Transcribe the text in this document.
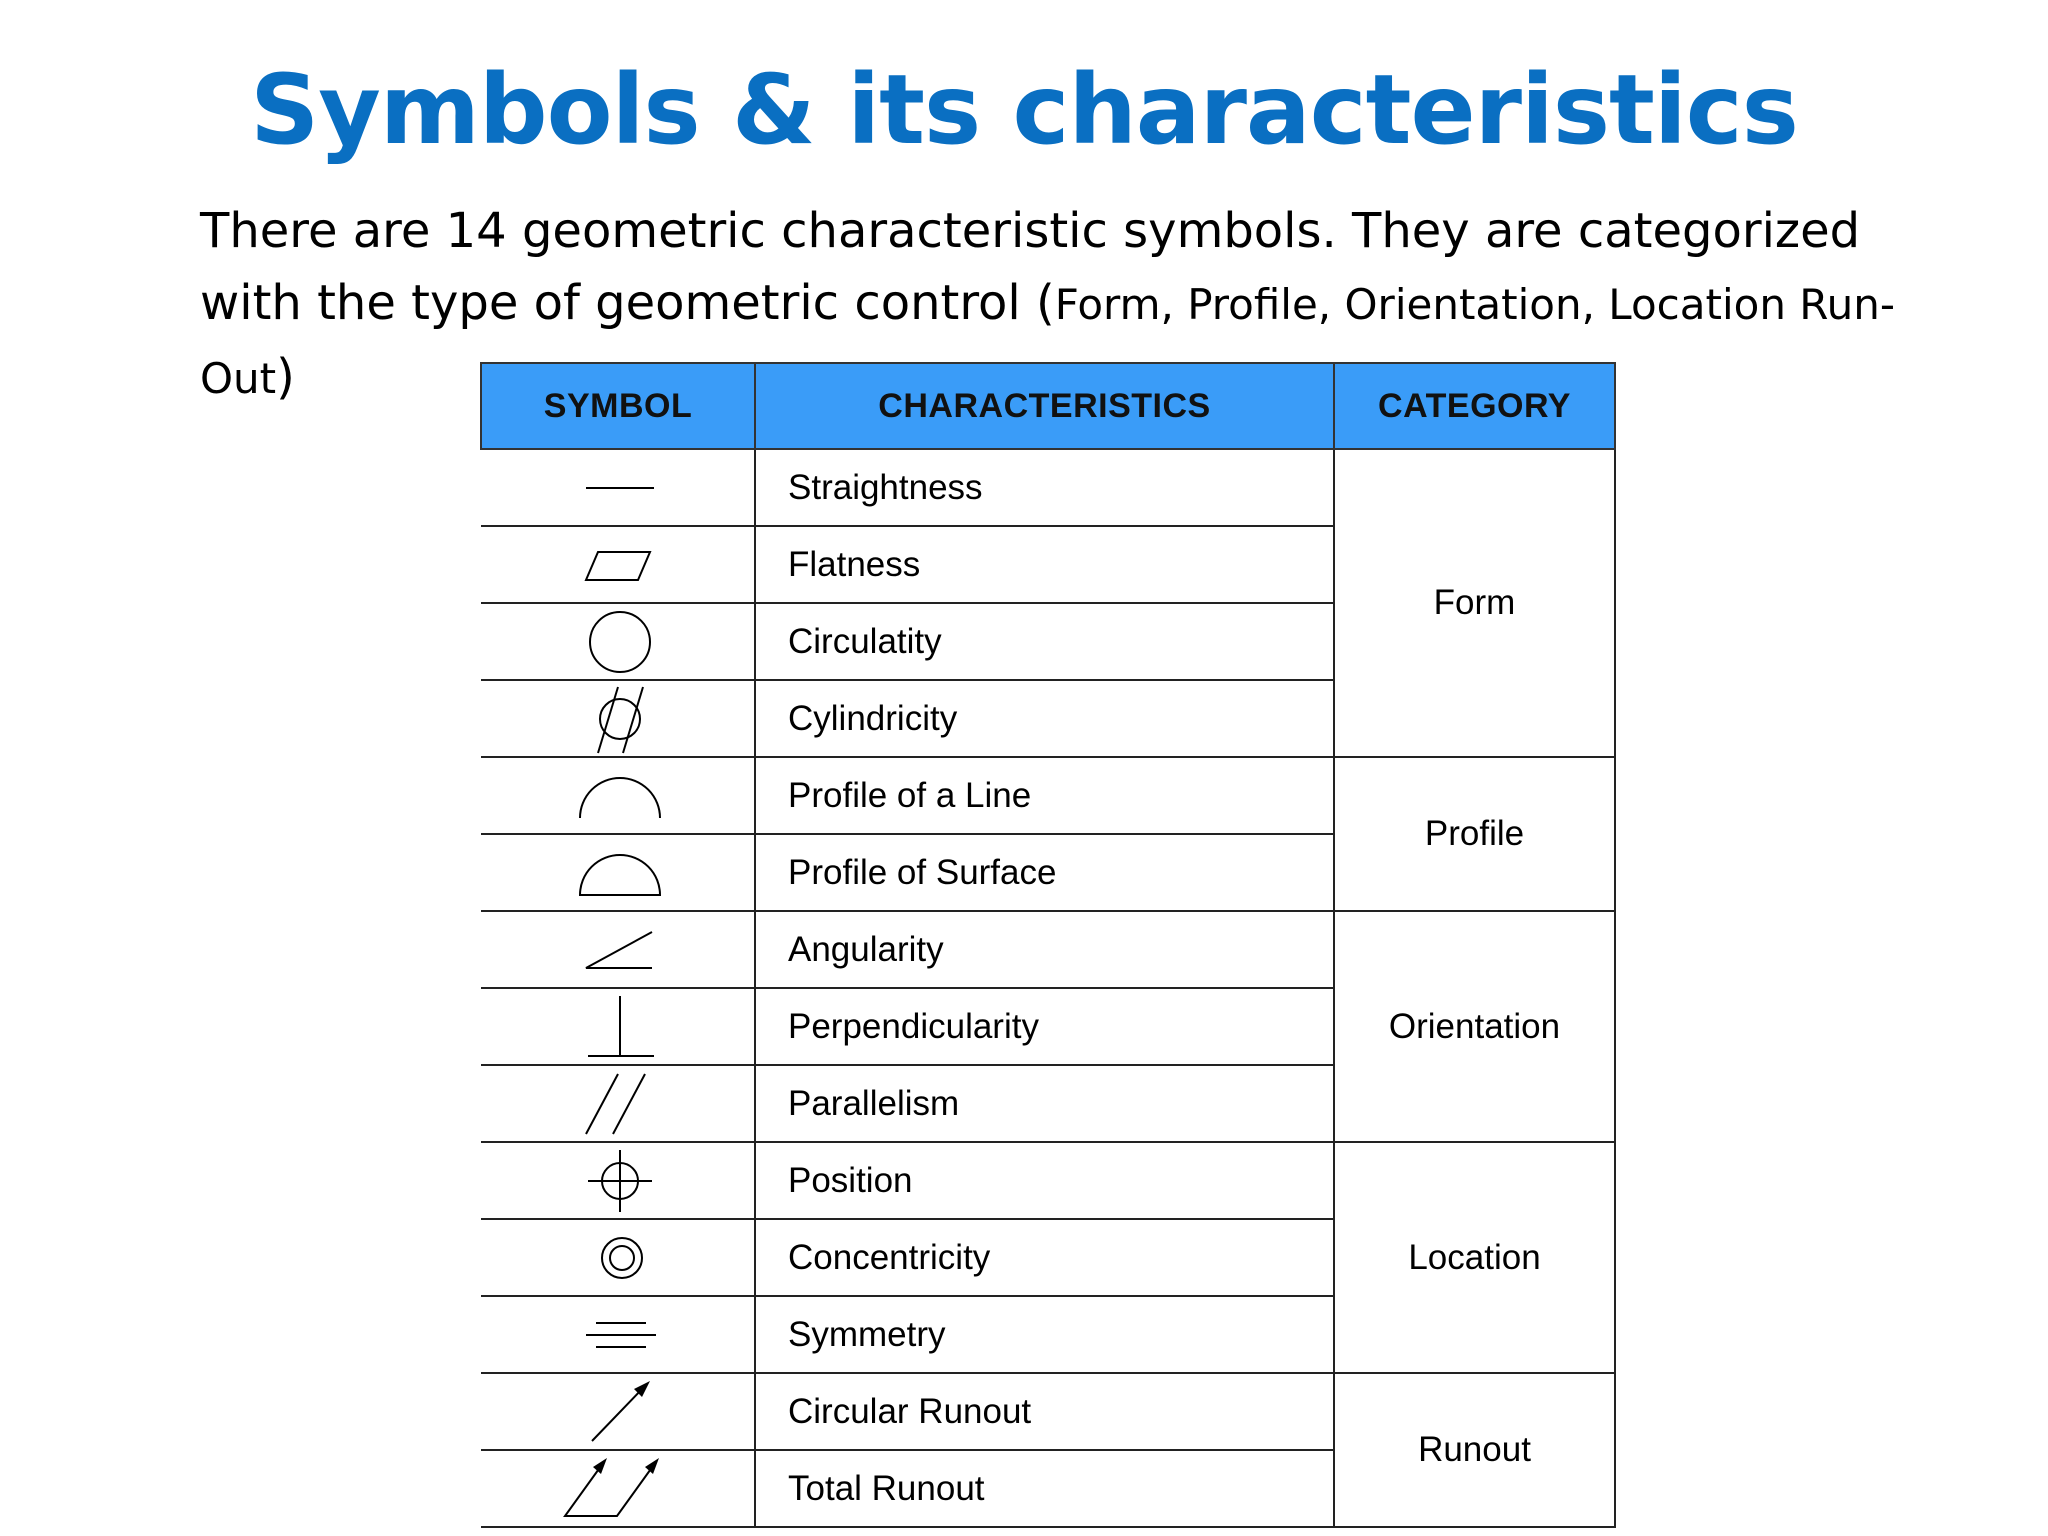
Symbols & its characteristics
There are 14 geometric characteristic symbols. They are categorized with the type of geometric control (Form, Profile, Orientation, Location Run-Out)
SYMBOL	CHARACTERISTICS	CATEGORY

	Straightness	Form

	Flatness	

	Circulatity	

	Cylindricity	

	Profile of a Line	Profile

	Profile of Surface	

	Angularity	Orientation

	Perpendicularity	

	Parallelism	

	Position	Location

	Concentricity	

	Symmetry	

	Circular Runout	Runout

	Total Runout	
